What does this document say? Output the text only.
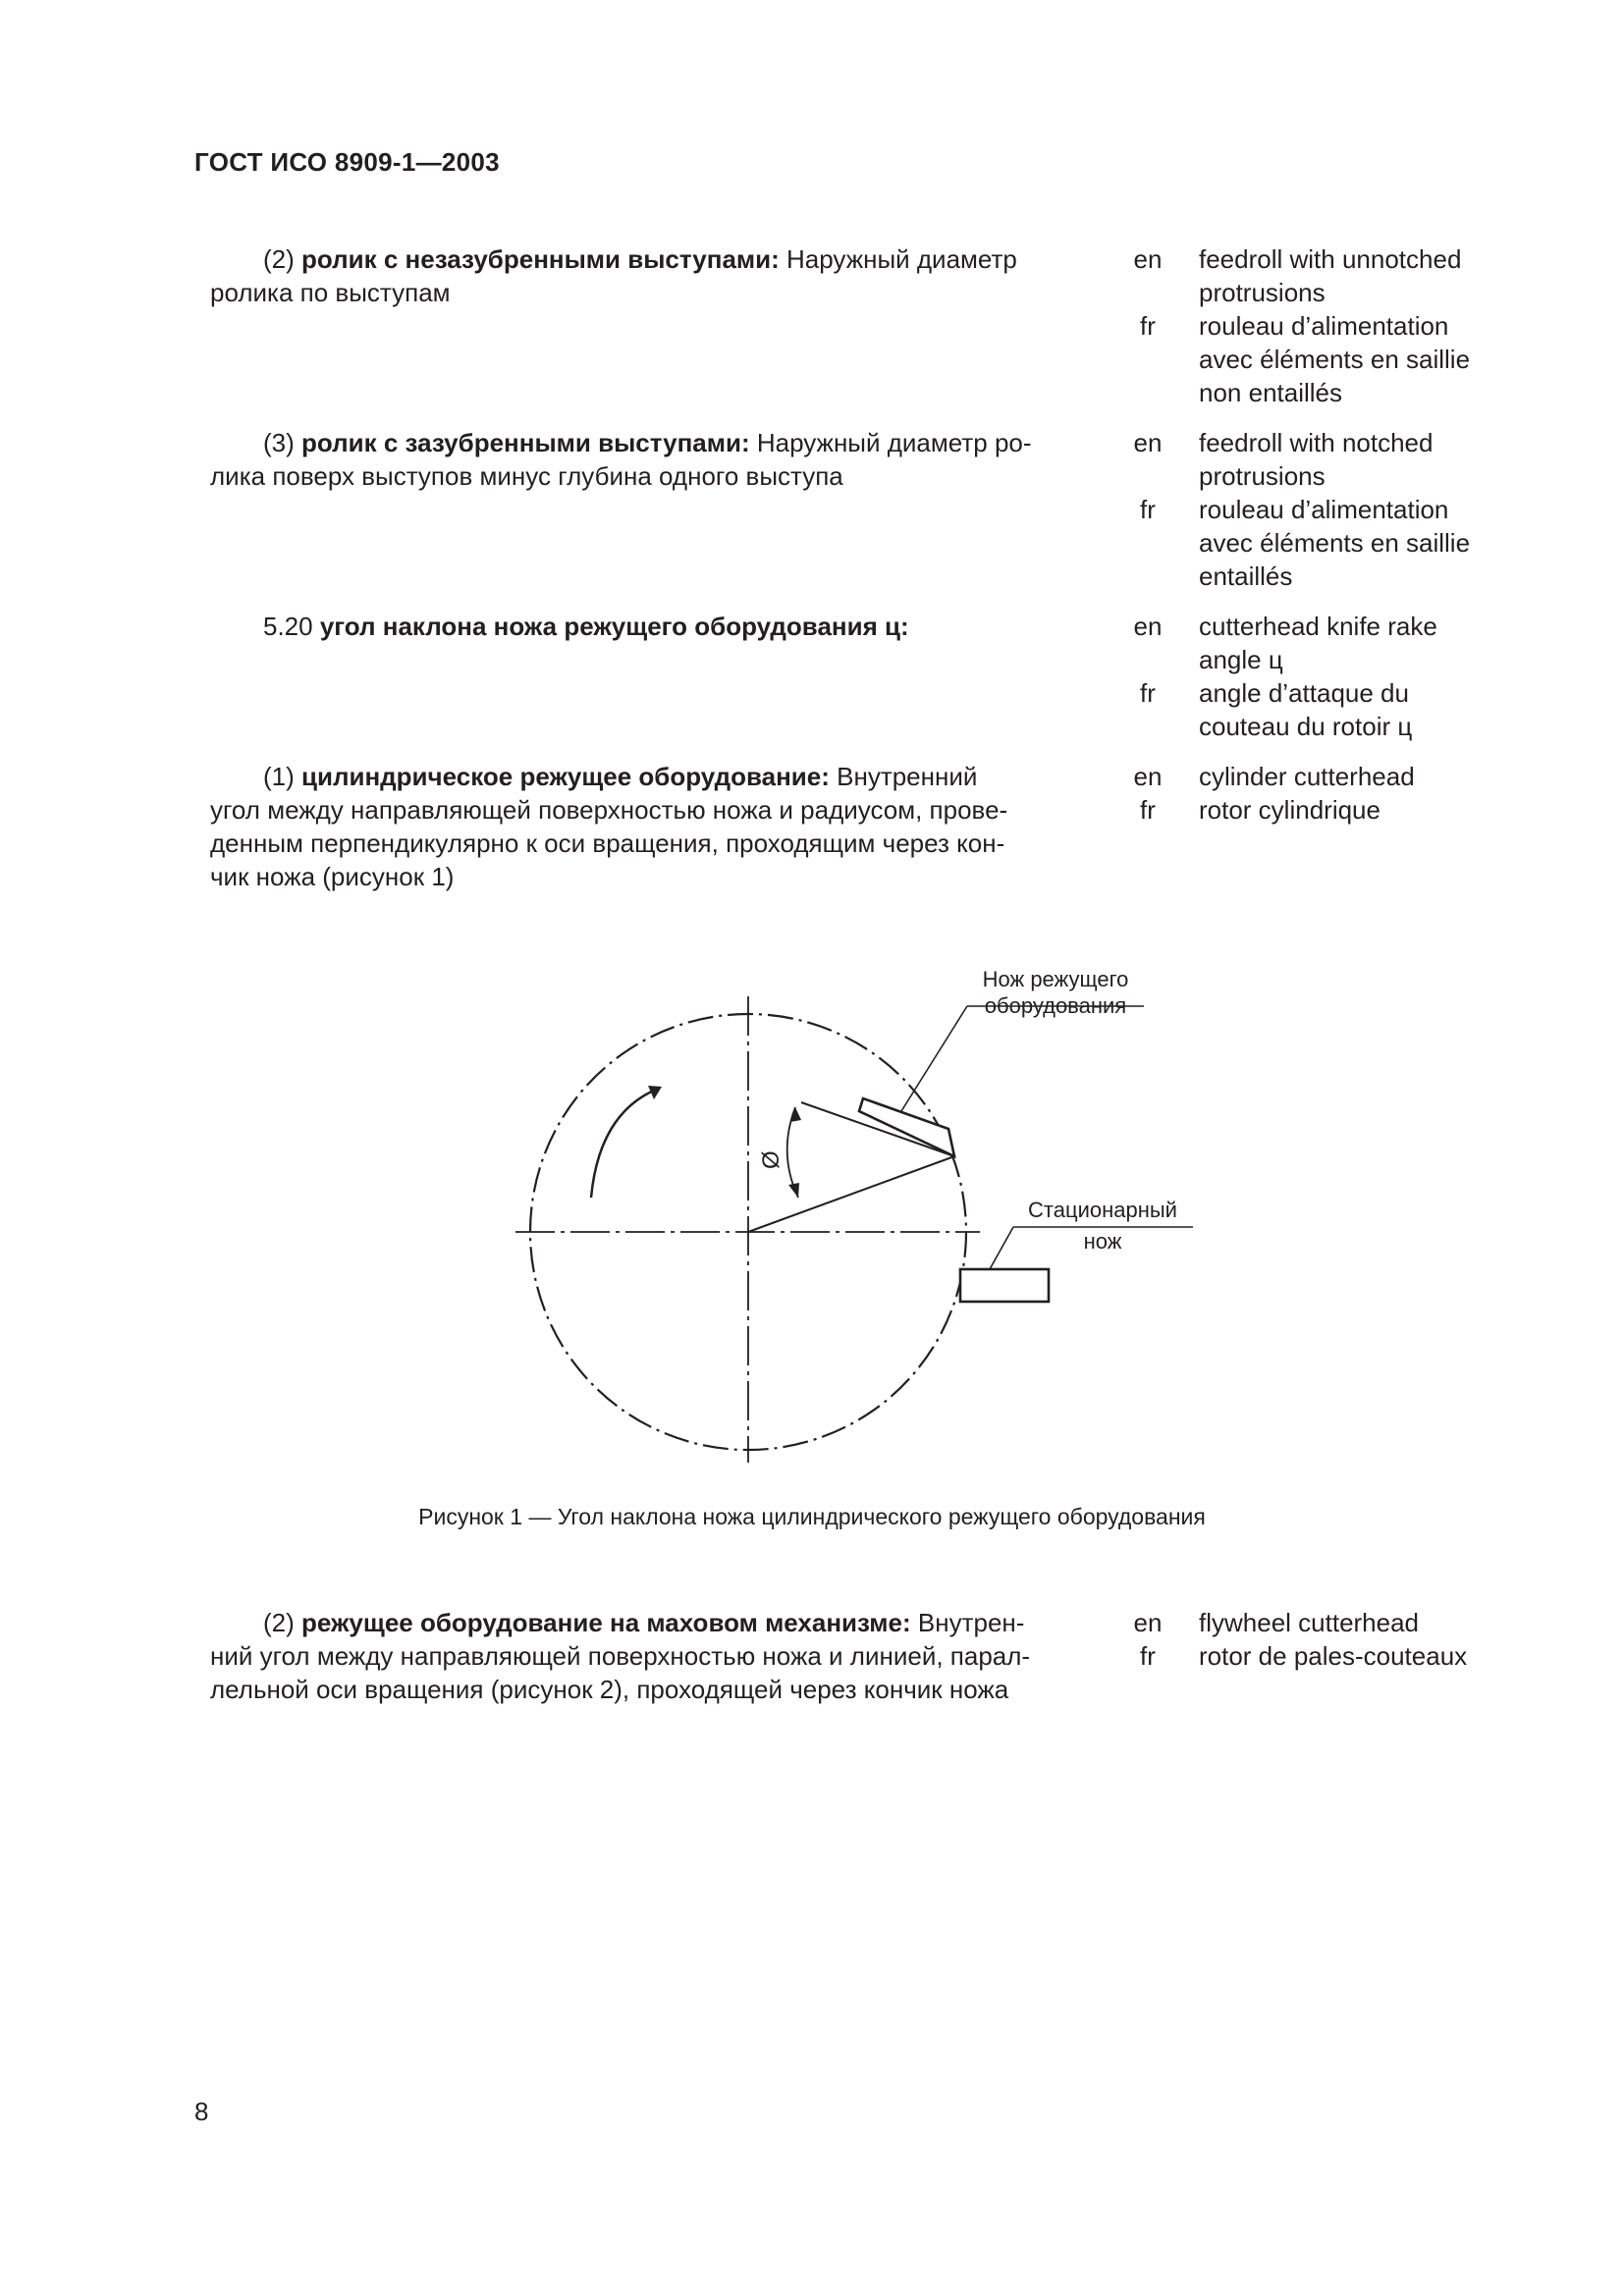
ГОСТ ИСО 8909-1—2003
(2) ролик с незазубренными выступами: Наружный диаметр
ролика по выступам
en	feedroll with unnotched
protrusions
fr	rouleau d’alimentation
avec éléments en saillie
non entaillés
(3) ролик с зазубренными выступами: Наружный диаметр ро-
лика поверх выступов минус глубина одного выступа
en	feedroll with notched
protrusions
fr	rouleau d’alimentation
avec éléments en saillie
entaillés
5.20 угол наклона ножа режущего оборудования ц:	en	cutterhead knife rake
angle ц
fr	angle d’attaque du
couteau du rotoir ц
(1) цилиндрическое режущее оборудование: Внутренний
угол между направляющей поверхностью ножа и радиусом, прове-
денным перпендикулярно к оси вращения, проходящим через кон-
чик ножа (рисунок 1)
en	cylinder cutterhead
fr	rotor cylindrique
Ø
Нож режущего
оборудования
Стационарный
нож
Рисунок 1 — Угол наклона ножа цилиндрического режущего оборудования
(2) режущее оборудование на маховом механизме: Внутрен-
ний угол между направляющей поверхностью ножа и линией, парал-
лельной оси вращения (рисунок 2), проходящей через кончик ножа
en	flywheel cutterhead
fr	rotor de pales-couteaux
8
